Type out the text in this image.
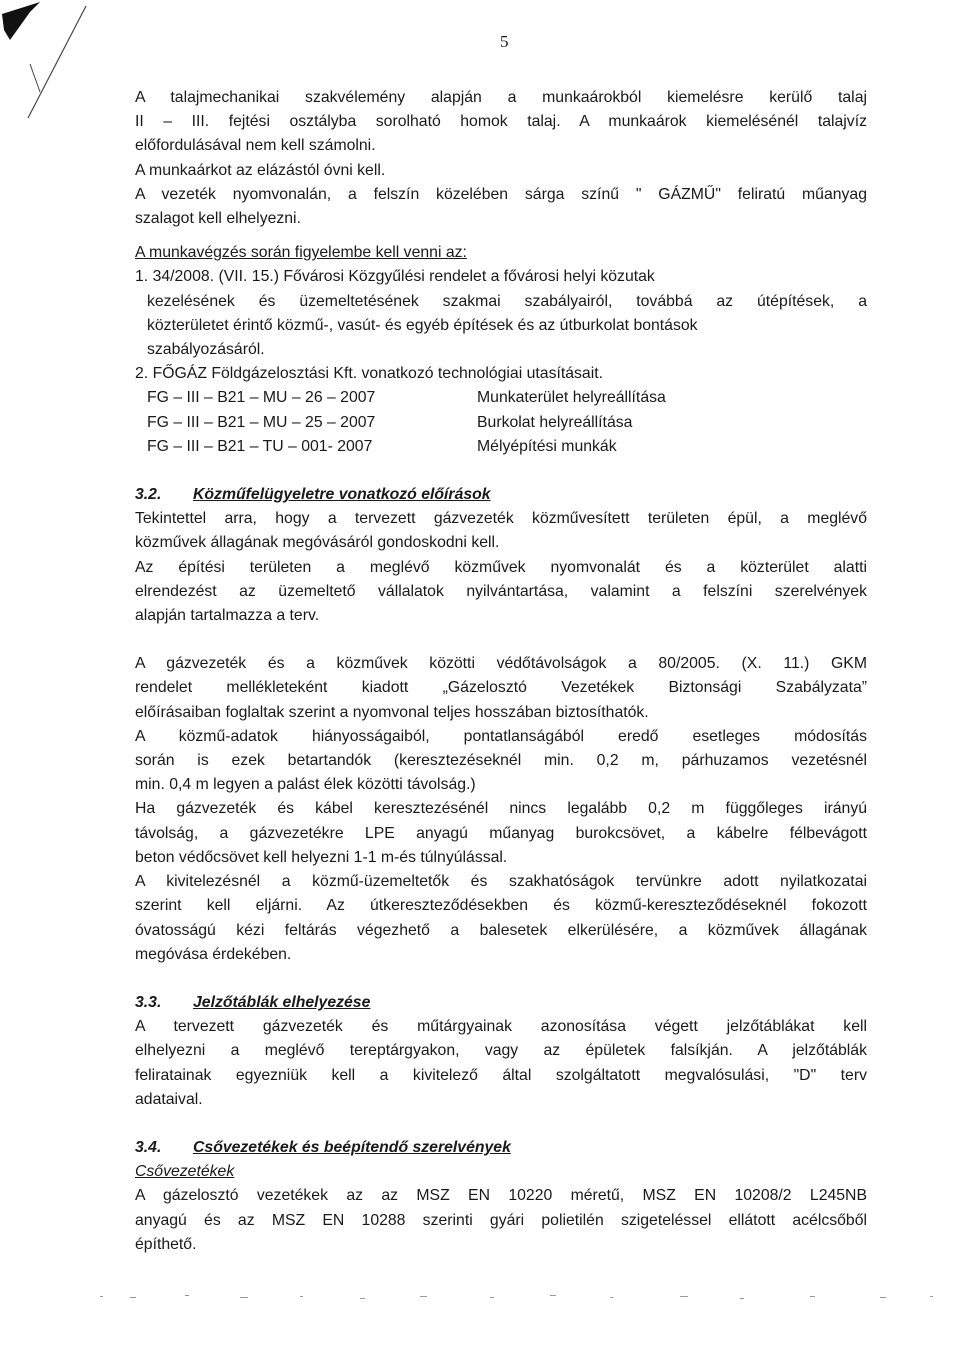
5

A talajmechanikai szakvélemény alapján a munkaárokból kiemelésre kerülő talaj

II – III. fejtési osztályba sorolható homok talaj. A munkaárok kiemelésénél talajvíz

előfordulásával nem kell számolni.

A munkaárkot az elázástól óvni kell.

A vezeték nyomvonalán, a felszín közelében sárga színű " GÁZMŰ" feliratú műanyag

szalagot kell elhelyezni.

A munkavégzés során figyelembe kell venni az:

1. 34/2008. (VII. 15.) Fővárosi Közgyűlési rendelet a fővárosi helyi közutak

kezelésének és üzemeltetésének szakmai szabályairól, továbbá az útépítések, a

közterületet érintő közmű-, vasút- és egyéb építések és az útburkolat bontások

szabályozásáról.

2. FŐGÁZ Földgázelosztási Kft. vonatkozó technológiai utasításait.

FG – III – B21 – MU – 26 – 2007	Munkaterület helyreállítása
FG – III – B21 – MU – 25 – 2007	Burkolat helyreállítása
FG – III – B21 – TU – 001- 2007	Mélyépítési munkák

3.2. Közműfelügyeletre vonatkozó előírások

Tekintettel arra, hogy a tervezett gázvezeték közművesített területen épül, a meglévő

közművek állagának megóvásáról gondoskodni kell.

Az építési területen a meglévő közművek nyomvonalát és a közterület alatti

elrendezést az üzemeltető vállalatok nyilvántartása, valamint a felszíni szerelvények

alapján tartalmazza a terv.

A gázvezeték és a közművek közötti védőtávolságok a 80/2005. (X. 11.) GKM

rendelet mellékleteként kiadott „Gázelosztó Vezetékek Biztonsági Szabályzata”

előírásaiban foglaltak szerint a nyomvonal teljes hosszában biztosíthatók.

A közmű-adatok hiányosságaiból, pontatlanságából eredő esetleges módosítás

során is ezek betartandók (keresztezéseknél min. 0,2 m, párhuzamos vezetésnél

min. 0,4 m legyen a palást élek közötti távolság.)

Ha gázvezeték és kábel keresztezésénél nincs legalább 0,2 m függőleges irányú

távolság, a gázvezetékre LPE anyagú műanyag burokcsövet, a kábelre félbevágott

beton védőcsövet kell helyezni 1-1 m-és túlnyúlással.

A kivitelezésnél a közmű-üzemeltetők és szakhatóságok tervünkre adott nyilatkozatai

szerint kell eljárni. Az útkereszteződésekben és közmű-kereszteződéseknél fokozott

óvatosságú kézi feltárás végezhető a balesetek elkerülésére, a közművek állagának

megóvása érdekében.

3.3. Jelzőtáblák elhelyezése

A tervezett gázvezeték és műtárgyainak azonosítása végett jelzőtáblákat kell

elhelyezni a meglévő tereptárgyakon, vagy az épületek falsíkján. A jelzőtáblák

feliratainak egyezniük kell a kivitelező által szolgáltatott megvalósulási, "D" terv

adataival.

3.4. Csővezetékek és beépítendő szerelvények

Csővezetékek

A gázelosztó vezetékek az az MSZ EN 10220 méretű, MSZ EN 10208/2 L245NB

anyagú és az MSZ EN 10288 szerinti gyári polietilén szigeteléssel ellátott acélcsőből

építhető.
